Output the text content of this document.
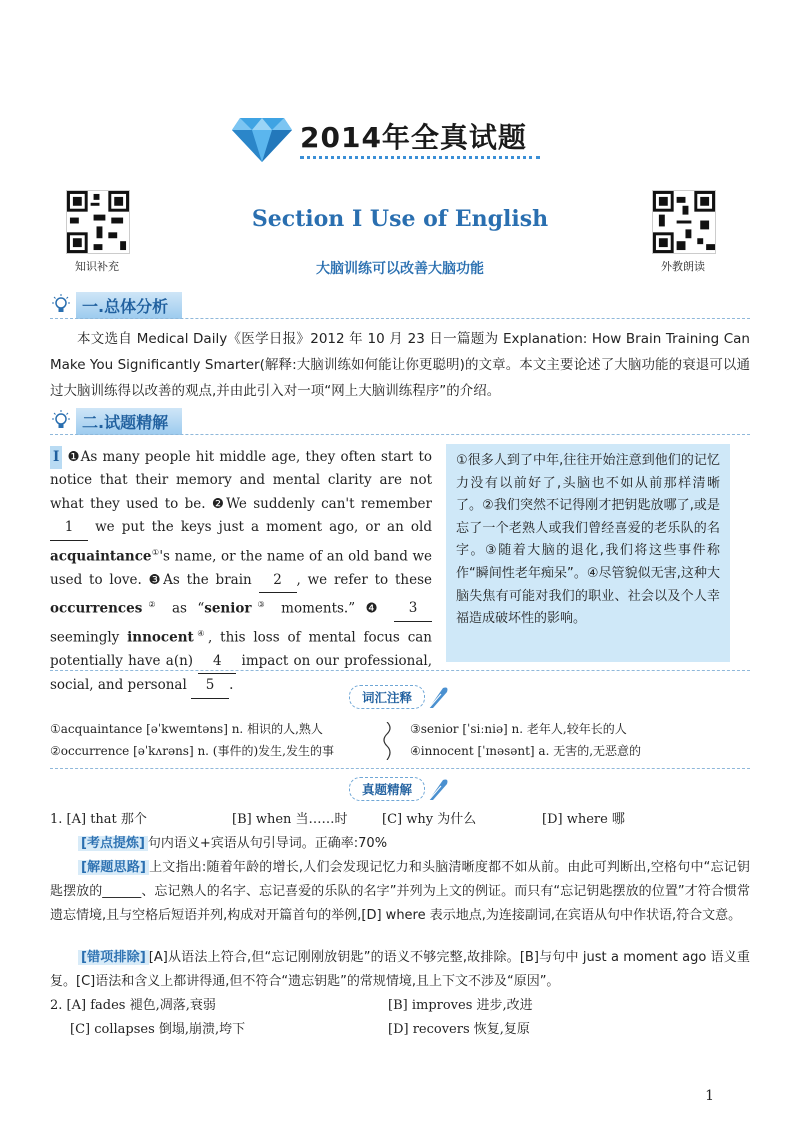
2014年全真试题
知识补充	外教朗读
Section Ⅰ Use of English
大脑训练可以改善大脑功能
一.总体分析
本文选自 Medical Daily《医学日报》2012 年 10 月 23 日一篇题为 Explanation: How Brain Training Can Make You Significantly Smarter(解释:大脑训练如何能让你更聪明)的文章。本文主要论述了大脑功能的衰退可以通过大脑训练得以改善的观点,并由此引入对一项“网上大脑训练程序”的介绍。
二.试题精解
Ⅰ ❶As many people hit middle age, they often start to notice that their memory and mental clarity are not what they used to be. ❷We suddenly can't remember 1 we put the keys just a moment ago, or an old acquaintance①'s name, or the name of an old band we used to love. ❸As the brain 2 , we refer to these occurrences② as “senior③ moments.” ❹ 3 seemingly innocent④, this loss of mental focus can potentially have a(n) 4 impact on our professional, social, and personal 5 .
①很多人到了中年,往往开始注意到他们的记忆力没有以前好了,头脑也不如从前那样清晰了。②我们突然不记得刚才把钥匙放哪了,或是忘了一个老熟人或我们曾经喜爱的老乐队的名字。③随着大脑的退化,我们将这些事件称作“瞬间性老年痴呆”。④尽管貌似无害,这种大脑失焦有可能对我们的职业、社会以及个人幸福造成破坏性的影响。
词汇注释
①acquaintance [əˈkweɪntəns] n. 相识的人,熟人	③senior [ˈsiːniə] n. 老年人,较年长的人
②occurrence [əˈkʌrəns] n. (事件的)发生,发生的事	④innocent [ˈɪnəsənt] a. 无害的,无恶意的
真题精解
1. [A] that 那个	[B] when 当……时	[C] why 为什么	[D] where 哪
[考点提炼] 句内语义+宾语从句引导词。正确率:70%
[解题思路] 上文指出:随着年龄的增长,人们会发现记忆力和头脑清晰度都不如从前。由此可判断出,空格句中“忘记钥匙摆放的______、忘记熟人的名字、忘记喜爱的乐队的名字”并列为上文的例证。而只有“忘记钥匙摆放的位置”才符合惯常遗忘情境,且与空格后短语并列,构成对开篇首句的举例,[D] where 表示地点,为连接副词,在宾语从句中作状语,符合文意。
[错项排除] [A]从语法上符合,但“忘记刚刚放钥匙”的语义不够完整,故排除。[B]与句中 just a moment ago 语义重复。[C]语法和含义上都讲得通,但不符合“遗忘钥匙”的常规情境,且上下文不涉及“原因”。
2. [A] fades 褪色,凋落,衰弱	[B] improves 进步,改进
[C] collapses 倒塌,崩溃,垮下	[D] recovers 恢复,复原
1
